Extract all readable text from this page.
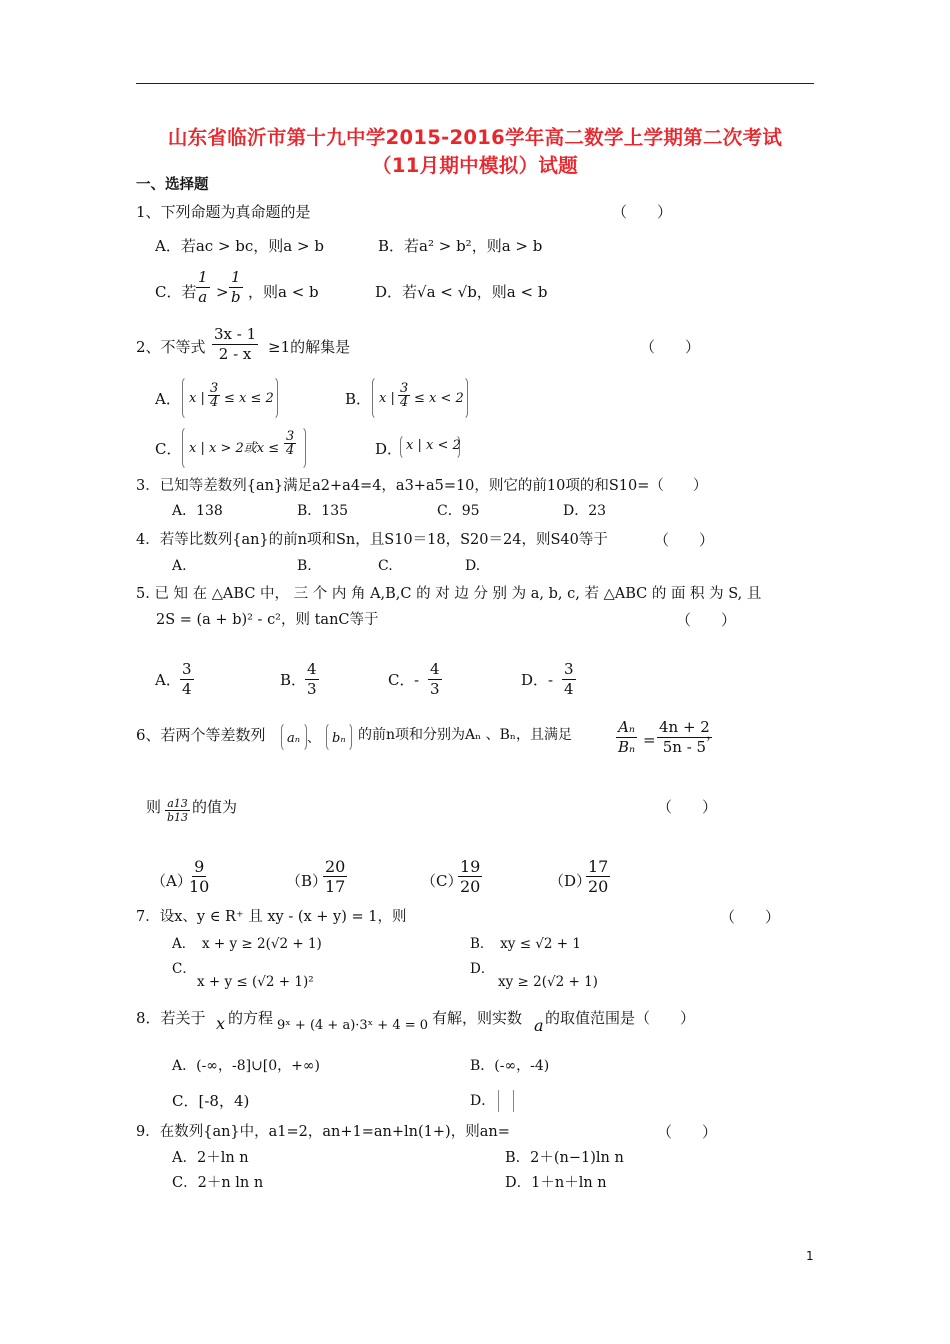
山东省临沂市第十九中学2015-2016学年高二数学上学期第二次考试
（11月期中模拟）试题
一、选择题
1、下列命题为真命题的是	（　　）
A．若ac > bc，则a > b	B．若a² > b²，则a > b
C．若 $\frac{1}{a} > \frac{1}{b}$ ，则a < b	D．若√a < √b，则a < b
2、不等式 $\frac{3x - 1}{2 - x} \ge 1$的解集是	（　　）
A． x | $\frac{3}{4} \le x \le 2$	B． x | $\frac{3}{4} \le x < 2$
C． x | x > 2或$x \le \frac{3}{4}$	D． x | x < 2
3．已知等差数列{an}满足a2+a4=4，a3+a5=10，则它的前10项的和S10=（　　）
A．138	B．135	C．95	D．23
4．若等比数列{an}的前n项和Sn，且S10＝18，S20＝24，则S40等于	（　　）
A.	B.	C.	D.
5. 已 知 在 △ABC 中， 三 个 内 角 A,B,C 的 对 边 分 别 为 a, b, c, 若 △ABC 的 面 积 为 S, 且
2S = (a + b)² - c²，则 tanC等于	（　　）
A． $\frac{3}{4}$	B．
$\frac{4}{3}$	C． - $\frac{4}{3}$	D． - $\frac{3}{4}$
6、若两个等差数列 aₙ 、 bₙ 的前n项和分别为Aₙ 、Bₙ，且满足	$\frac{\text{Aₙ}}{\text{Bₙ}} = \frac{4n + 2}{5n - 5}$
，
则 $\frac{a13}{b13}$ 的值为	（　　）
（A）
$\frac{9}{10}$	（B）
$\frac{20}{17}$	（C）
$\frac{19}{20}$	（D）
$\frac{17}{20}$
7．设x、y ∈ R⁺ 且 xy - (x + y) = 1，则	（　　）
A．　x + y ≥ 2(√2 + 1)	B．　xy ≤ √2 + 1
C．
x + y ≤ (√2 + 1)²
D．
xy ≥ 2(√2 + 1)
8．若关于 x 的方程 9ˣ + (4 + a)·3ˣ + 4 = 0 有解，则实数 a 的取值范围是（　　）
A．(-∞，-8]∪[0，+∞)	B．(-∞，-4)
C．[-8，4)	D．
9．在数列{an}中，a1=2，an+1=an+ln(1+)，则an=	（　　）
A．2＋ln n	B．2＋(n−1)ln n
C．2＋n ln n	D．1＋n＋ln n
1
